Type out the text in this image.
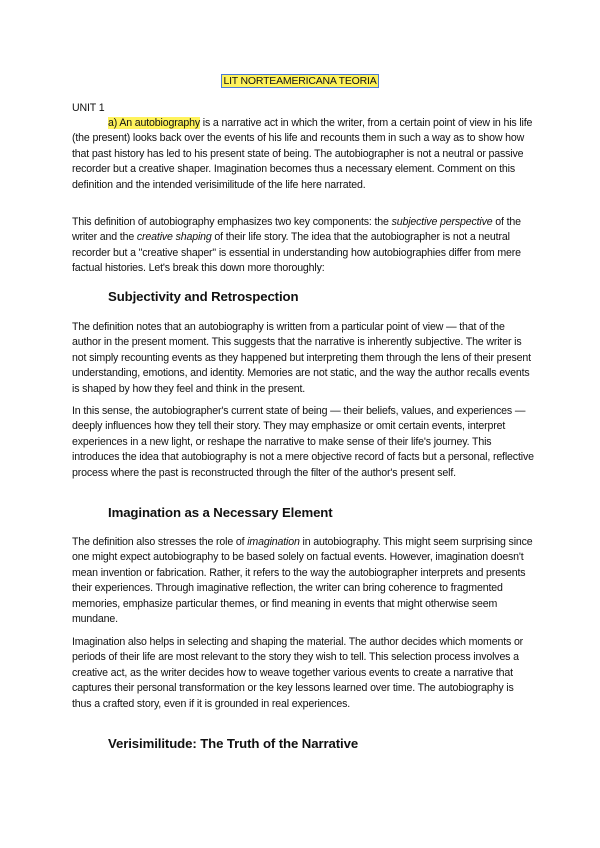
LIT NORTEAMERICANA TEORIA

UNIT 1

a) An autobiography is a narrative act in which the writer, from a certain point of view in his life (the present) looks back over the events of his life and recounts them in such a way as to show how that past history has led to his present state of being. The autobiographer is not a neutral or passive recorder but a creative shaper. Imagination becomes thus a necessary element. Comment on this definition and the intended verisimilitude of the life here narrated.

This definition of autobiography emphasizes two key components: the subjective perspective of the writer and the creative shaping of their life story. The idea that the autobiographer is not a neutral recorder but a "creative shaper" is essential in understanding how autobiographies differ from mere factual histories. Let's break this down more thoroughly:

Subjectivity and Retrospection

The definition notes that an autobiography is written from a particular point of view — that of the author in the present moment. This suggests that the narrative is inherently subjective. The writer is not simply recounting events as they happened but interpreting them through the lens of their present understanding, emotions, and identity. Memories are not static, and the way the author recalls events is shaped by how they feel and think in the present.

In this sense, the autobiographer's current state of being — their beliefs, values, and experiences — deeply influences how they tell their story. They may emphasize or omit certain events, interpret experiences in a new light, or reshape the narrative to make sense of their life's journey. This introduces the idea that autobiography is not a mere objective record of facts but a personal, reflective process where the past is reconstructed through the filter of the author's present self.

Imagination as a Necessary Element

The definition also stresses the role of imagination in autobiography. This might seem surprising since one might expect autobiography to be based solely on factual events. However, imagination doesn't mean invention or fabrication. Rather, it refers to the way the autobiographer interprets and presents their experiences. Through imaginative reflection, the writer can bring coherence to fragmented memories, emphasize particular themes, or find meaning in events that might otherwise seem mundane.

Imagination also helps in selecting and shaping the material. The author decides which moments or periods of their life are most relevant to the story they wish to tell. This selection process involves a creative act, as the writer decides how to weave together various events to create a narrative that captures their personal transformation or the key lessons learned over time. The autobiography is thus a crafted story, even if it is grounded in real experiences.

Verisimilitude: The Truth of the Narrative
